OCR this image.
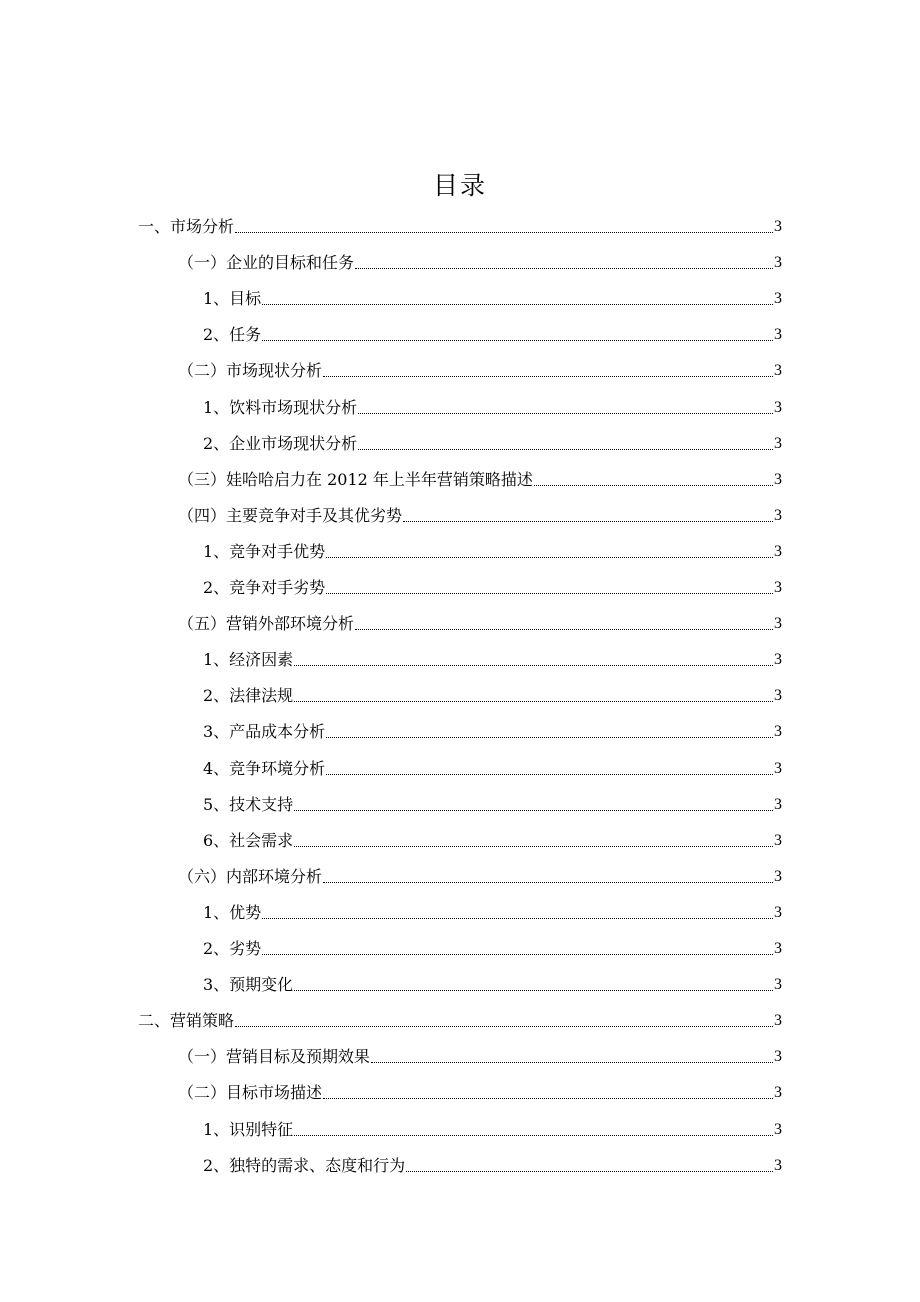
目录
一、市场分析	3
（一）企业的目标和任务	3
1、目标	3
2、任务	3
（二）市场现状分析	3
1、饮料市场现状分析	3
2、企业市场现状分析	3
（三）娃哈哈启力在 2012 年上半年营销策略描述	3
（四）主要竞争对手及其优劣势	3
1、竞争对手优势	3
2、竞争对手劣势	3
（五）营销外部环境分析	3
1、经济因素	3
2、法律法规	3
3、产品成本分析	3
4、竞争环境分析	3
5、技术支持	3
6、社会需求	3
（六）内部环境分析	3
1、优势	3
2、劣势	3
3、预期变化	3
二、营销策略	3
（一）营销目标及预期效果	3
（二）目标市场描述	3
1、识别特征	3
2、独特的需求、态度和行为	3
